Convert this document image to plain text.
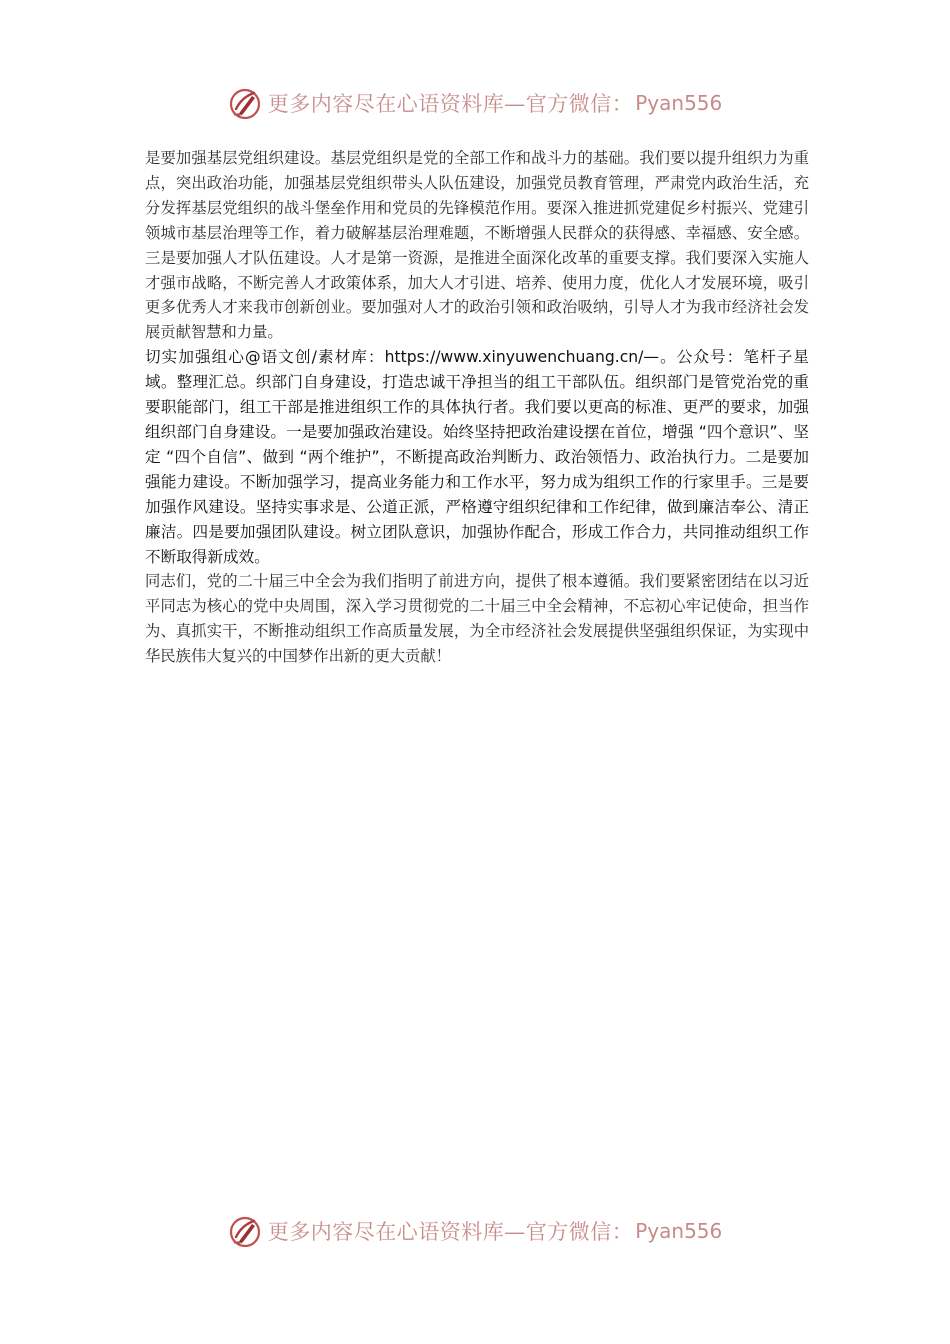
更多内容尽在心语资料库—官方微信： Pyan556

是要加强基层党组织建设。基层党组织是党的全部工作和战斗力的基础。我们要以提升组织力为重点，突出政治功能，加强基层党组织带头人队伍建设，加强党员教育管理，严肃党内政治生活，充分发挥基层党组织的战斗堡垒作用和党员的先锋模范作用。要深入推进抓党建促乡村振兴、党建引领城市基层治理等工作，着力破解基层治理难题，不断增强人民群众的获得感、幸福感、安全感。三是要加强人才队伍建设。人才是第一资源，是推进全面深化改革的重要支撑。我们要深入实施人才强市战略，不断完善人才政策体系，加大人才引进、培养、使用力度，优化人才发展环境，吸引更多优秀人才来我市创新创业。要加强对人才的政治引领和政治吸纳，引导人才为我市经济社会发展贡献智慧和力量。

切实加强组心@语文创/素材库：https://www.xinyuwenchuang.cn/—。公众号：笔杆子星域。整理汇总。织部门自身建设，打造忠诚干净担当的组工干部队伍。组织部门是管党治党的重要职能部门，组工干部是推进组织工作的具体执行者。我们要以更高的标准、更严的要求，加强组织部门自身建设。一是要加强政治建设。始终坚持把政治建设摆在首位，增强 “四个意识”、坚定 “四个自信”、做到 “两个维护”，不断提高政治判断力、政治领悟力、政治执行力。二是要加强能力建设。不断加强学习，提高业务能力和工作水平，努力成为组织工作的行家里手。三是要加强作风建设。坚持实事求是、公道正派，严格遵守组织纪律和工作纪律，做到廉洁奉公、清正廉洁。四是要加强团队建设。树立团队意识，加强协作配合，形成工作合力，共同推动组织工作不断取得新成效。

同志们，党的二十届三中全会为我们指明了前进方向，提供了根本遵循。我们要紧密团结在以习近平同志为核心的党中央周围，深入学习贯彻党的二十届三中全会精神，不忘初心牢记使命，担当作为、真抓实干，不断推动组织工作高质量发展，为全市经济社会发展提供坚强组织保证，为实现中华民族伟大复兴的中国梦作出新的更大贡献！

更多内容尽在心语资料库—官方微信： Pyan556
